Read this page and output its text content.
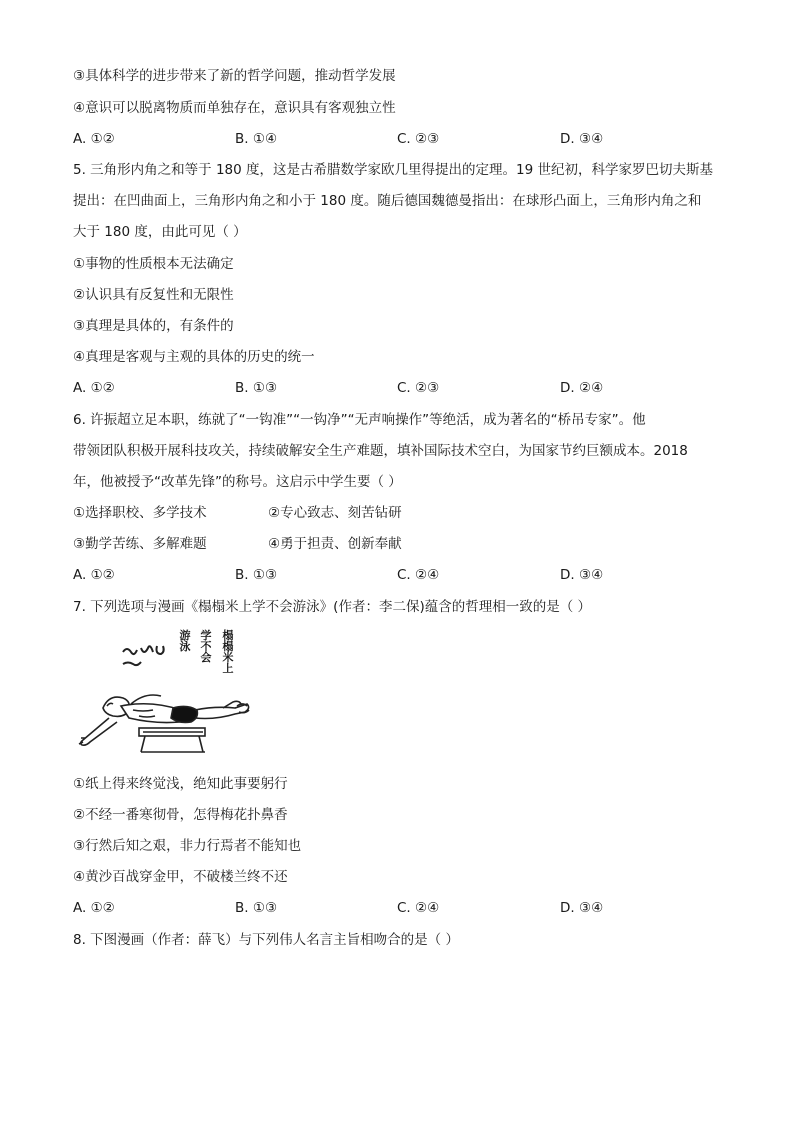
③具体科学的进步带来了新的哲学问题，推动哲学发展
④意识可以脱离物质而单独存在，意识具有客观独立性
A. ①②	B. ①④	C. ②③	D. ③④
5. 三角形内角之和等于 180 度，这是古希腊数学家欧几里得提出的定理。19 世纪初，科学家罗巴切夫斯基
提出：在凹曲面上，三角形内角之和小于 180 度。随后德国魏德曼指出：在球形凸面上，三角形内角之和
大于 180 度，由此可见（ ）
①事物的性质根本无法确定
②认识具有反复性和无限性
③真理是具体的，有条件的
④真理是客观与主观的具体的历史的统一
A. ①②	B. ①③	C. ②③	D. ②④
6. 许振超立足本职，练就了“一钩准”“一钩净”“无声响操作”等绝活，成为著名的“桥吊专家”。他
带领团队积极开展科技攻关，持续破解安全生产难题，填补国际技术空白，为国家节约巨额成本。2018
年，他被授予“改革先锋”的称号。这启示中学生要（ ）
①选择职校、多学技术	②专心致志、刻苦钻研
③勤学苦练、多解难题	④勇于担责、创新奉献
A. ①②	B. ①③	C. ②④	D. ③④
7. 下列选项与漫画《榻榻米上学不会游泳》(作者：李二保)蕴含的哲理相一致的是（ ）
榻榻米上
学不会
游泳
①纸上得来终觉浅，绝知此事要躬行
②不经一番寒彻骨，怎得梅花扑鼻香
③行然后知之艰，非力行焉者不能知也
④黄沙百战穿金甲，不破楼兰终不还
A. ①②	B. ①③	C. ②④	D. ③④
8. 下图漫画（作者：薛飞）与下列伟人名言主旨相吻合的是（ ）
